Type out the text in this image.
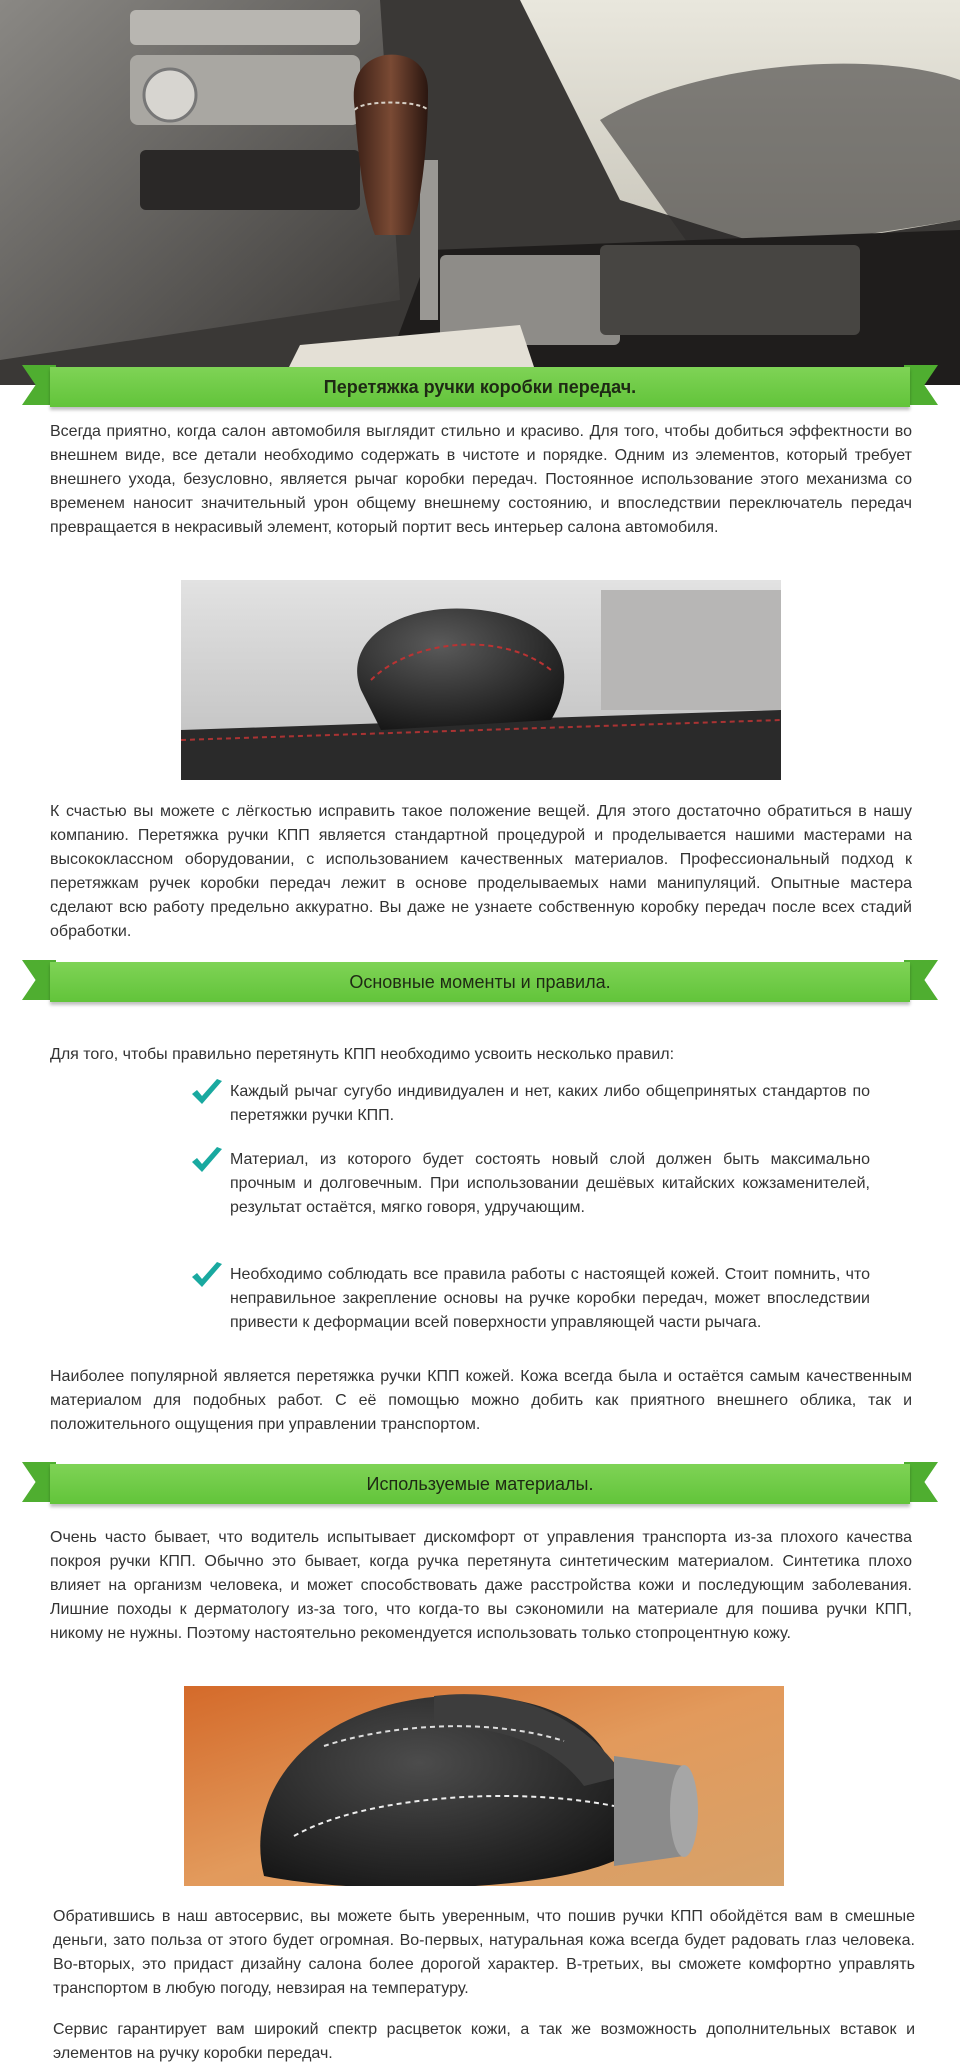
Перетяжка ручки коробки передач.
Всегда приятно, когда салон автомобиля выглядит стильно и красиво. Для того, чтобы добиться эффектности во внешнем виде, все детали необходимо содержать в чистоте и порядке. Одним из элементов, который требует внешнего ухода, безусловно, является рычаг коробки передач. Постоянное использование этого механизма со временем наносит значительный урон общему внешнему состоянию, и впоследствии переключатель передач превращается в некрасивый элемент, который портит весь интерьер салона автомобиля.
К счастью вы можете с лёгкостью исправить такое положение вещей. Для этого достаточно обратиться в нашу компанию. Перетяжка ручки КПП является стандартной процедурой и проделывается нашими мастерами на высококлассном оборудовании, с использованием качественных материалов. Профессиональный подход к перетяжкам ручек коробки передач лежит в основе проделываемых нами манипуляций. Опытные мастера сделают всю работу предельно аккуратно. Вы даже не узнаете собственную коробку передач после всех стадий обработки.
Основные моменты и правила.
Для того, чтобы правильно перетянуть КПП необходимо усвоить несколько правил:
Каждый рычаг сугубо индивидуален и нет, каких либо общепринятых стандартов по перетяжки ручки КПП.
Материал, из которого будет состоять новый слой должен быть максимально прочным и долговечным. При использовании дешёвых китайских кожзаменителей, результат остаётся, мягко говоря, удручающим.
Необходимо соблюдать все правила работы с настоящей кожей. Стоит помнить, что неправильное закрепление основы на ручке коробки передач, может впоследствии привести к деформации всей поверхности управляющей части рычага.
Наиболее популярной является перетяжка ручки КПП кожей. Кожа всегда была и остаётся самым качественным материалом для подобных работ. С её помощью можно добить как приятного внешнего облика, так и положительного ощущения при управлении транспортом.
Используемые материалы.
Очень часто бывает, что водитель испытывает дискомфорт от управления транспорта из-за плохого качества покроя ручки КПП. Обычно это бывает, когда ручка перетянута синтетическим материалом. Синтетика плохо влияет на организм человека, и может способствовать даже расстройства кожи и последующим заболевания. Лишние походы к дерматологу из-за того, что когда-то вы сэкономили на материале для пошива ручки КПП, никому не нужны. Поэтому настоятельно рекомендуется использовать только стопроцентную кожу.
Обратившись в наш автосервис, вы можете быть уверенным, что пошив ручки КПП обойдётся вам в смешные деньги, зато польза от этого будет огромная. Во-первых, натуральная кожа всегда будет радовать глаз человека. Во-вторых, это придаст дизайну салона более дорогой характер. В-третьих, вы сможете комфортно управлять транспортом в любую погоду, невзирая на температуру.
Сервис гарантирует вам широкий спектр расцветок кожи, а так же возможность дополнительных вставок и элементов на ручку коробки передач.
